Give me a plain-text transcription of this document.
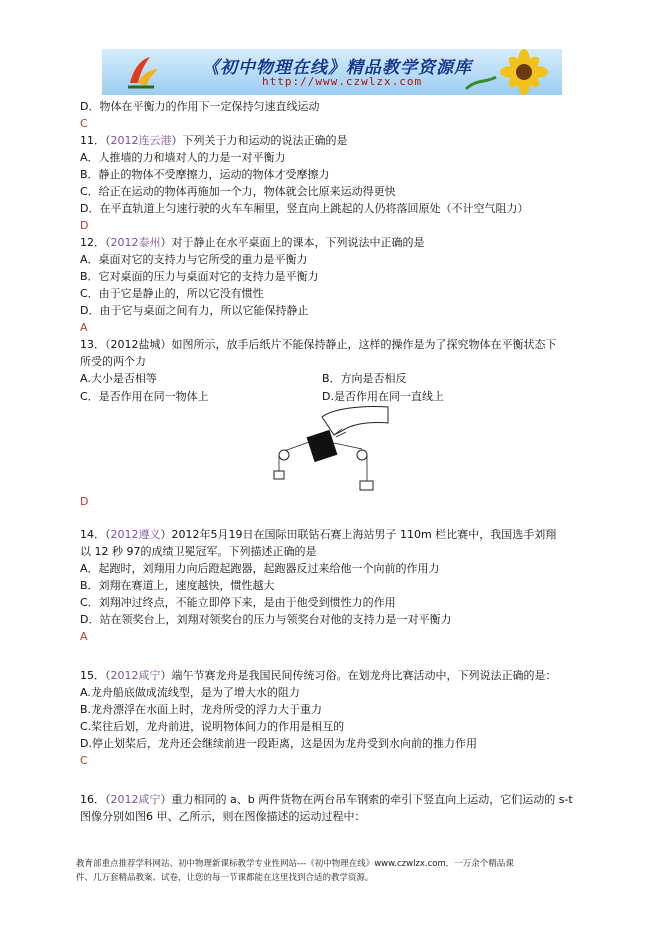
《初中物理在线》精品教学资源库
http://www.czwlzx.com
D．物体在平衡力的作用下一定保持匀速直线运动
C
11．（2012连云港）下列关于力和运动的说法正确的是
A．人推墙的力和墙对人的力是一对平衡力
B．静止的物体不受摩擦力，运动的物体才受摩擦力
C．给正在运动的物体再施加一个力，物体就会比原来运动得更快
D．在平直轨道上匀速行驶的火车车厢里，竖直向上跳起的人仍将落回原处（不计空气阻力）
D
12．（2012泰州）对于静止在水平桌面上的课本，下列说法中正确的是
A．桌面对它的支持力与它所受的重力是平衡力
B．它对桌面的压力与桌面对它的支持力是平衡力
C．由于它是静止的，所以它没有惯性
D．由于它与桌面之间有力，所以它能保持静止
A
13．（2012盐城）如图所示，放手后纸片不能保持静止，这样的操作是为了探究物体在平衡状态下
所受的两个力
A.大小是否相等	B．方向是否相反
C．是否作用在同一物体上	D.是否作用在同一直线上
D
14．（2012遵义）2012年5月19日在国际田联钻石赛上海站男子 110m 栏比赛中，我国选手刘翔
以 12 秒 97的成绩卫冕冠军。下列描述正确的是
A．起跑时，刘翔用力向后蹬起跑器，起跑器反过来给他一个向前的作用力
B．刘翔在赛道上，速度越快，惯性越大
C．刘翔冲过终点，不能立即停下来，是由于他受到惯性力的作用
D．站在领奖台上，刘翔对领奖台的压力与领奖台对他的支持力是一对平衡力
A
15．（2012咸宁）端午节赛龙舟是我国民间传统习俗。在划龙舟比赛活动中，下列说法正确的是：
A.龙舟船底做成流线型，是为了增大水的阻力
B.龙舟漂浮在水面上时，龙舟所受的浮力大于重力
C.桨往后划，龙舟前进，说明物体间力的作用是相互的
D.停止划桨后，龙舟还会继续前进一段距离，这是因为龙舟受到水向前的推力作用
C
16．（2012咸宁）重力相同的 a、b 两件货物在两台吊车钢索的牵引下竖直向上运动，它们运动的 s-t
图像分别如图6 甲、乙所示，则在图像描述的运动过程中：
教育部重点推荐学科网站、初中物理新课标教学专业性网站---《初中物理在线》www.czwlzx.com．一万余个精品课
件、几万套精品教案、试卷，让您的每一节课都能在这里找到合适的教学资源。
